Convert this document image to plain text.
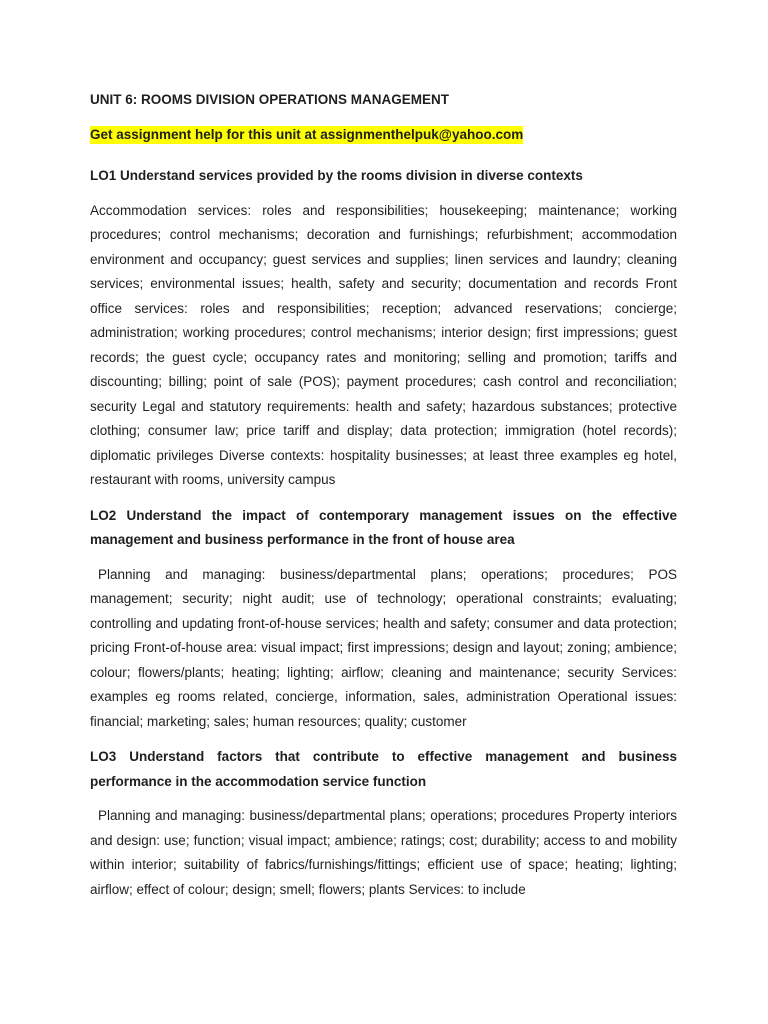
UNIT 6: ROOMS DIVISION OPERATIONS MANAGEMENT
Get assignment help for this unit at assignmenthelpuk@yahoo.com
LO1 Understand services provided by the rooms division in diverse contexts
Accommodation services: roles and responsibilities; housekeeping; maintenance; working procedures; control mechanisms; decoration and furnishings; refurbishment; accommodation environment and occupancy; guest services and supplies; linen services and laundry; cleaning services; environmental issues; health, safety and security; documentation and records Front office services: roles and responsibilities; reception; advanced reservations; concierge; administration; working procedures; control mechanisms; interior design; first impressions; guest records; the guest cycle; occupancy rates and monitoring; selling and promotion; tariffs and discounting; billing; point of sale (POS); payment procedures; cash control and reconciliation; security Legal and statutory requirements: health and safety; hazardous substances; protective clothing; consumer law; price tariff and display; data protection; immigration (hotel records); diplomatic privileges Diverse contexts: hospitality businesses; at least three examples eg hotel, restaurant with rooms, university campus
LO2 Understand the impact of contemporary management issues on the effective management and business performance in the front of house area
Planning and managing: business/departmental plans; operations; procedures; POS management; security; night audit; use of technology; operational constraints; evaluating; controlling and updating front-of-house services; health and safety; consumer and data protection; pricing Front-of-house area: visual impact; first impressions; design and layout; zoning; ambience; colour; flowers/plants; heating; lighting; airflow; cleaning and maintenance; security Services: examples eg rooms related, concierge, information, sales, administration Operational issues: financial; marketing; sales; human resources; quality; customer
LO3 Understand factors that contribute to effective management and business performance in the accommodation service function
Planning and managing: business/departmental plans; operations; procedures Property interiors and design: use; function; visual impact; ambience; ratings; cost; durability; access to and mobility within interior; suitability of fabrics/furnishings/fittings; efficient use of space; heating; lighting; airflow; effect of colour; design; smell; flowers; plants Services: to include
